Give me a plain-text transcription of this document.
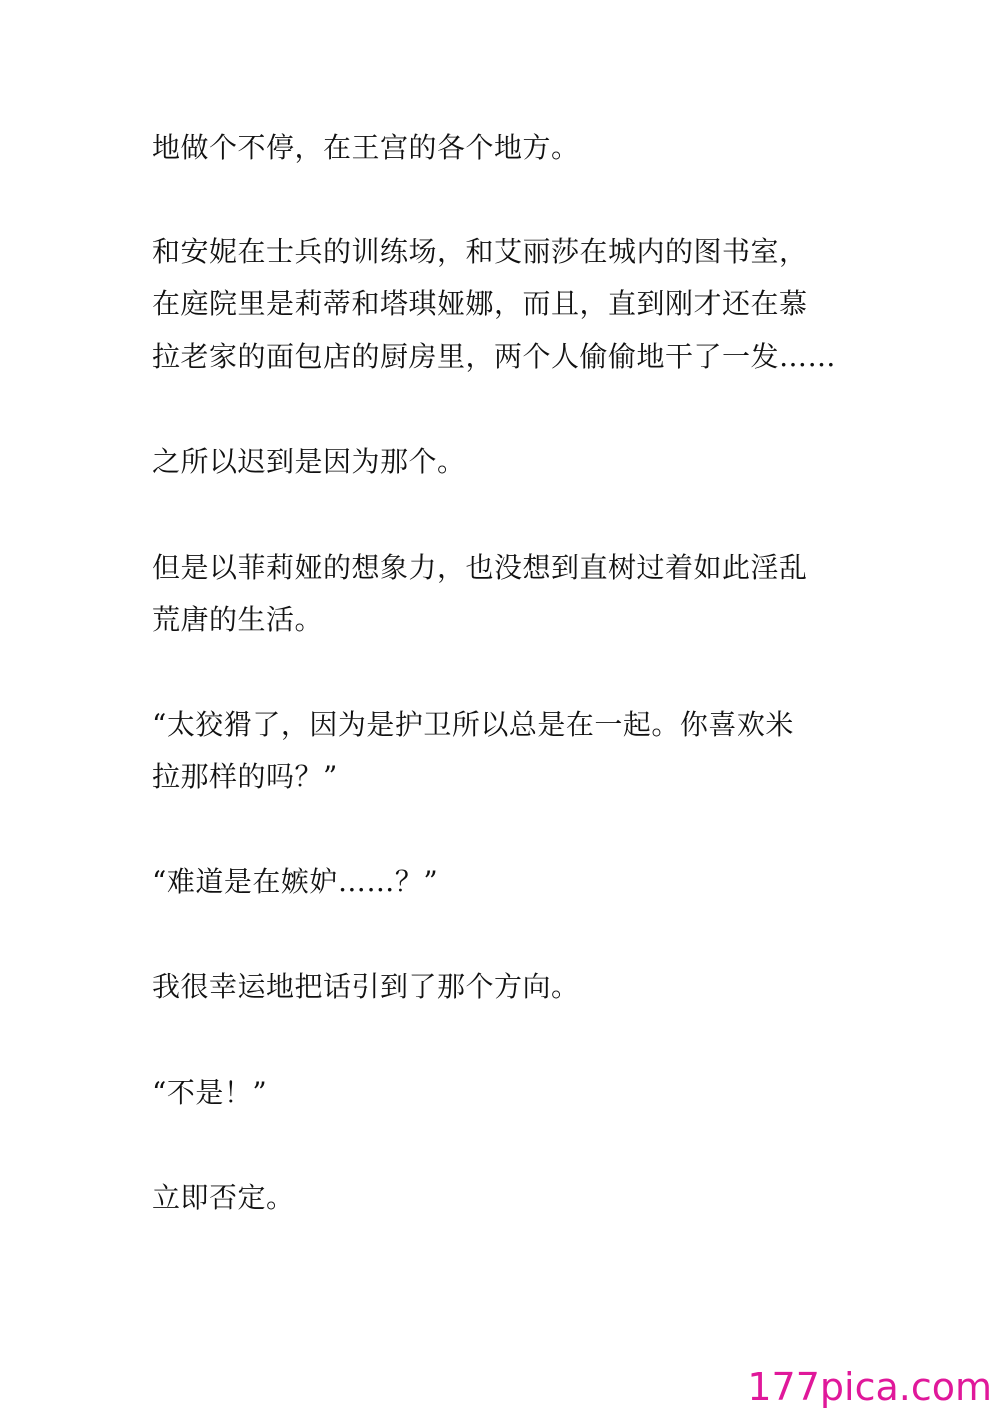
地做个不停，在王宫的各个地方。
和安妮在士兵的训练场，和艾丽莎在城内的图书室，
在庭院里是莉蒂和塔琪娅娜，而且，直到刚才还在慕
拉老家的面包店的厨房里，两个人偷偷地干了一发……
之所以迟到是因为那个。
但是以菲莉娅的想象力，也没想到直树过着如此淫乱
荒唐的生活。
“太狡猾了，因为是护卫所以总是在一起。你喜欢米
拉那样的吗？”
“难道是在嫉妒……？”
我很幸运地把话引到了那个方向。
“不是！”
立即否定。
177pica.com
